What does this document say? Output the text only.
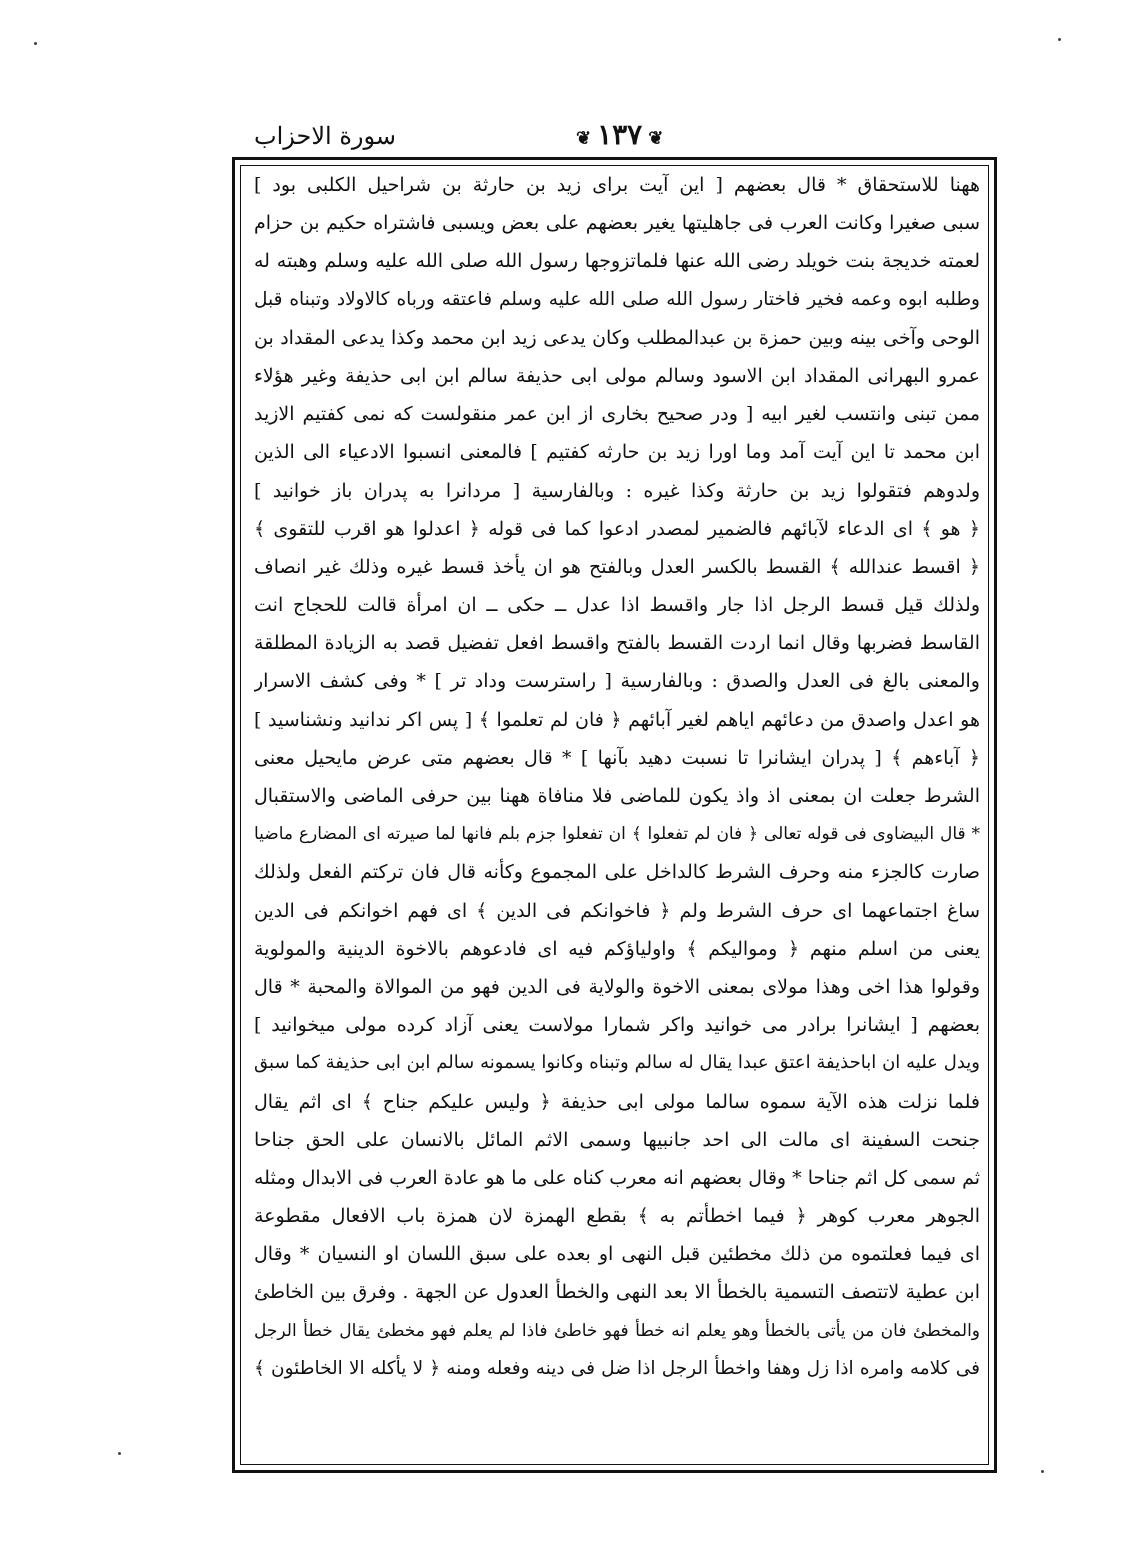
سورة الاحزاب	❦١٣٧❦
ههنا للاستحقاق * قال بعضهم [ اين آيت براى زيد بن حارثة بن شراحيل الكلبى بود ]
سبى صغيرا وكانت العرب فى جاهليتها يغير بعضهم على بعض ويسبى فاشتراه حكيم بن حزام
لعمته خديجة بنت خويلد رضى الله عنها فلماتزوجها رسول الله صلى الله عليه وسلم وهبته له
وطلبه ابوه وعمه فخير فاختار رسول الله صلى الله عليه وسلم فاعتقه ورباه كالاولاد وتبناه قبل
الوحى وآخى بينه وبين حمزة بن عبدالمطلب وكان يدعى زيد ابن محمد وكذا يدعى المقداد بن
عمرو البهرانى المقداد ابن الاسود وسالم مولى ابى حذيفة سالم ابن ابى حذيفة وغير هؤلاء
ممن تبنى وانتسب لغير ابيه [ ودر صحيح بخارى از ابن عمر منقولست كه نمى كفتيم الازيد
ابن محمد تا اين آيت آمد وما اورا زيد بن حارثه كفتيم ] فالمعنى انسبوا الادعياء الى الذين
ولدوهم فتقولوا زيد بن حارثة وكذا غيره : وبالفارسية [ مردانرا به پدران باز خوانيد ]
﴿ هو ﴾ اى الدعاء لآبائهم فالضمير لمصدر ادعوا كما فى قوله ﴿ اعدلوا هو اقرب للتقوى ﴾
﴿ اقسط عندالله ﴾ القسط بالكسر العدل وبالفتح هو ان يأخذ قسط غيره وذلك غير انصاف
ولذلك قيل قسط الرجل اذا جار واقسط اذا عدل ــ حكى ــ ان امرأة قالت للحجاج انت
القاسط فضربها وقال انما اردت القسط بالفتح واقسط افعل تفضيل قصد به الزيادة المطلقة
والمعنى بالغ فى العدل والصدق : وبالفارسية [ راسترست وداد تر ] * وفى كشف الاسرار
هو اعدل واصدق من دعائهم اياهم لغير آبائهم ﴿ فان لم تعلموا ﴾ [ پس اكر ندانيد ونشناسيد ]
﴿ آباءهم ﴾ [ پدران ايشانرا تا نسبت دهيد بآنها ] * قال بعضهم متى عرض مايحيل معنى
الشرط جعلت ان بمعنى اذ واذ يكون للماضى فلا منافاة ههنا بين حرفى الماضى والاستقبال
* قال البيضاوى فى قوله تعالى ﴿ فان لم تفعلوا ﴾ ان تفعلوا جزم بلم فانها لما صيرته اى المضارع ماضيا
صارت كالجزء منه وحرف الشرط كالداخل على المجموع وكأنه قال فان تركتم الفعل ولذلك
ساغ اجتماعهما اى حرف الشرط ولم ﴿ فاخوانكم فى الدين ﴾ اى فهم اخوانكم فى الدين
يعنى من اسلم منهم ﴿ ومواليكم ﴾ واولياؤكم فيه اى فادعوهم بالاخوة الدينية والمولوية
وقولوا هذا اخى وهذا مولاى بمعنى الاخوة والولاية فى الدين فهو من الموالاة والمحبة * قال
بعضهم [ ايشانرا برادر مى خوانيد واكر شمارا مولاست يعنى آزاد كرده مولى ميخوانيد ]
ويدل عليه ان اباحذيفة اعتق عبدا يقال له سالم وتبناه وكانوا يسمونه سالم ابن ابى حذيفة كما سبق
فلما نزلت هذه الآية سموه سالما مولى ابى حذيفة ﴿ وليس عليكم جناح ﴾ اى اثم يقال
جنحت السفينة اى مالت الى احد جانبيها وسمى الاثم المائل بالانسان على الحق جناحا
ثم سمى كل اثم جناحا * وقال بعضهم انه معرب كناه على ما هو عادة العرب فى الابدال ومثله
الجوهر معرب كوهر ﴿ فيما اخطأتم به ﴾ بقطع الهمزة لان همزة باب الافعال مقطوعة
اى فيما فعلتموه من ذلك مخطئين قبل النهى او بعده على سبق اللسان او النسيان * وقال
ابن عطية لاتتصف التسمية بالخطأ الا بعد النهى والخطأ العدول عن الجهة . وفرق بين الخاطئ
والمخطئ فان من يأتى بالخطأ وهو يعلم انه خطأ فهو خاطئ فاذا لم يعلم فهو مخطئ يقال خطأ الرجل
فى كلامه وامره اذا زل وهفا واخطأ الرجل اذا ضل فى دينه وفعله ومنه ﴿ لا يأكله الا الخاطئون ﴾
